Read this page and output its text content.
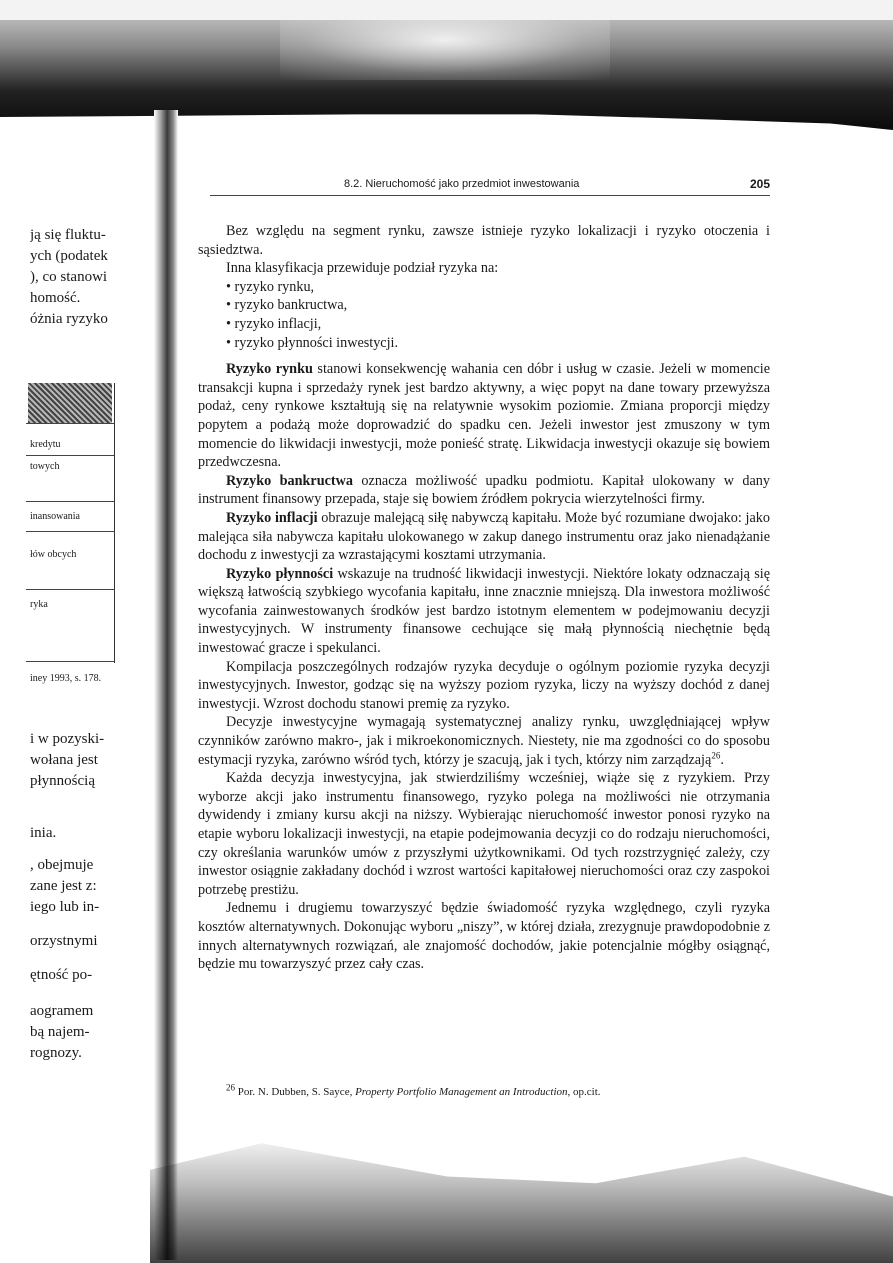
ją się fluktu-
ych (podatek
), co stanowi
homość.
óżnia ryzyko
kredytu
towych
inansowania
łów obcych
ryka
iney 1993, s. 178.
i w pozyski-
wołana jest
płynnością
inia.
, obejmuje
zane jest z:
iego lub in-
orzystnymi
ętność po-
aogramem
bą najem-
rognozy.
8.2. Nieruchomość jako przedmiot inwestowania	205

Bez względu na segment rynku, zawsze istnieje ryzyko lokalizacji i ryzyko otoczenia i sąsiedztwa.

Inna klasyfikacja przewiduje podział ryzyka na:

• ryzyko rynku,
• ryzyko bankructwa,
• ryzyko inflacji,
• ryzyko płynności inwestycji.

Ryzyko rynku stanowi konsekwencję wahania cen dóbr i usług w czasie. Jeżeli w momencie transakcji kupna i sprzedaży rynek jest bardzo aktywny, a więc popyt na dane towary przewyższa podaż, ceny rynkowe kształtują się na relatywnie wysokim poziomie. Zmiana proporcji między popytem a podażą może doprowadzić do spadku cen. Jeżeli inwestor jest zmuszony w tym momencie do likwidacji inwestycji, może ponieść stratę. Likwidacja inwestycji okazuje się bowiem przedwczesna.

Ryzyko bankructwa oznacza możliwość upadku podmiotu. Kapitał ulokowany w dany instrument finansowy przepada, staje się bowiem źródłem pokrycia wierzytelności firmy.

Ryzyko inflacji obrazuje malejącą siłę nabywczą kapitału. Może być rozumiane dwojako: jako malejąca siła nabywcza kapitału ulokowanego w zakup danego instrumentu oraz jako nienadążanie dochodu z inwestycji za wzrastającymi kosztami utrzymania.

Ryzyko płynności wskazuje na trudność likwidacji inwestycji. Niektóre lokaty odznaczają się większą łatwością szybkiego wycofania kapitału, inne znacznie mniejszą. Dla inwestora możliwość wycofania zainwestowanych środków jest bardzo istotnym elementem w podejmowaniu decyzji inwestycyjnych. W instrumenty finansowe cechujące się małą płynnością niechętnie będą inwestować gracze i spekulanci.

Kompilacja poszczególnych rodzajów ryzyka decyduje o ogólnym poziomie ryzyka decyzji inwestycyjnych. Inwestor, godząc się na wyższy poziom ryzyka, liczy na wyższy dochód z danej inwestycji. Wzrost dochodu stanowi premię za ryzyko.

Decyzje inwestycyjne wymagają systematycznej analizy rynku, uwzględniającej wpływ czynników zarówno makro-, jak i mikroekonomicznych. Niestety, nie ma zgodności co do sposobu estymacji ryzyka, zarówno wśród tych, którzy je szacują, jak i tych, którzy nim zarządzają$^{26}$.

Każda decyzja inwestycyjna, jak stwierdziliśmy wcześniej, wiąże się z ryzykiem. Przy wyborze akcji jako instrumentu finansowego, ryzyko polega na możliwości nie otrzymania dywidendy i zmiany kursu akcji na niższy. Wybierając nieruchomość inwestor ponosi ryzyko na etapie wyboru lokalizacji inwestycji, na etapie podejmowania decyzji co do rodzaju nieruchomości, czy określania warunków umów z przyszłymi użytkownikami. Od tych rozstrzygnięć zależy, czy inwestor osiągnie zakładany dochód i wzrost wartości kapitałowej nieruchomości oraz czy zaspokoi potrzebę prestiżu.

Jednemu i drugiemu towarzyszyć będzie świadomość ryzyka względnego, czyli ryzyka kosztów alternatywnych. Dokonując wyboru „niszy”, w której działa, zrezygnuje prawdopodobnie z innych alternatywnych rozwiązań, ale znajomość dochodów, jakie potencjalnie mógłby osiągnąć, będzie mu towarzyszyć przez cały czas.

$^{26}$ Por. N. Dubben, S. Sayce, Property Portfolio Management an Introduction, op.cit.
